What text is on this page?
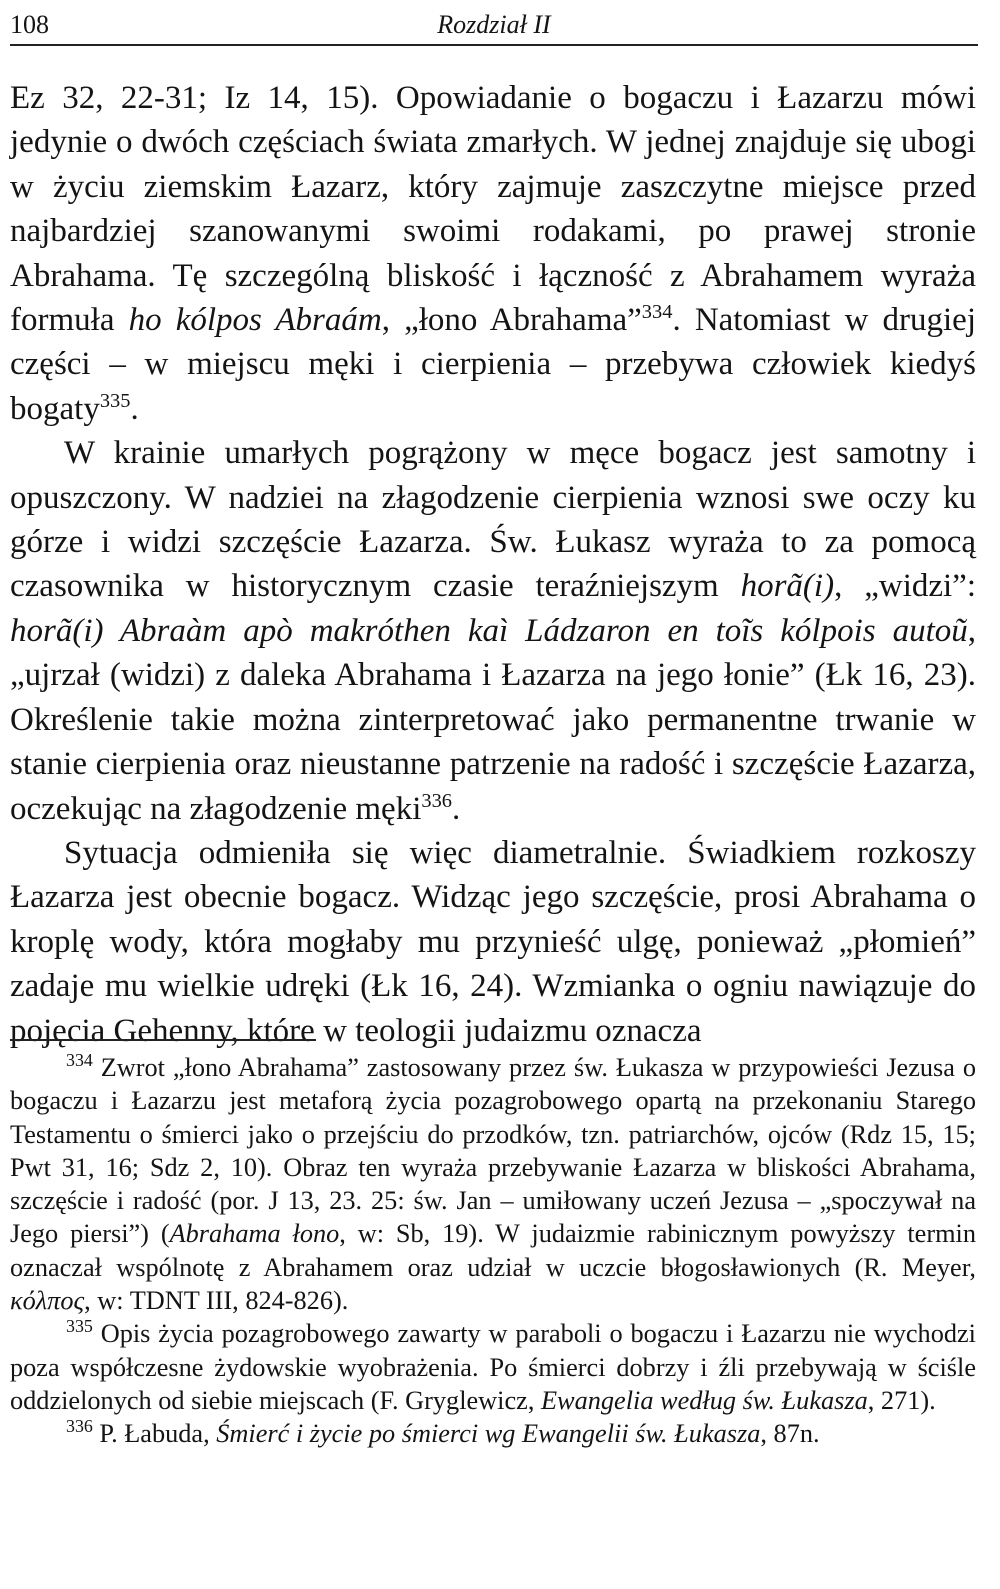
108	Rozdział II

Ez 32, 22-31; Iz 14, 15). Opowiadanie o bogaczu i Łazarzu mówi jedynie o dwóch częściach świata zmarłych. W jednej znajduje się ubogi w życiu ziemskim Łazarz, który zajmuje zaszczytne miejsce przed najbardziej szanowanymi swoimi rodakami, po prawej stronie Abrahama. Tę szczególną bliskość i łączność z Abrahamem wyraża formuła ho kólpos Abraám, „łono Abrahama”$^{334}$. Natomiast w drugiej części – w miejscu męki i cierpienia – przebywa człowiek kiedyś bogaty$^{335}$.

W krainie umarłych pogrążony w męce bogacz jest samotny i opuszczony. W nadziei na złagodzenie cierpienia wznosi swe oczy ku górze i widzi szczęście Łazarza. Św. Łukasz wyraża to za pomocą czasownika w historycznym czasie teraźniejszym horã(i), „widzi”: horã(i) Abraàm apò makróthen kaì Ládzaron en toĩs kólpois autoũ, „ujrzał (widzi) z daleka Abrahama i Łazarza na jego łonie” (Łk 16, 23). Określenie takie można zinterpretować jako permanentne trwanie w stanie cierpienia oraz nieustanne patrzenie na radość i szczęście Łazarza, oczekując na złagodzenie męki$^{336}$.

Sytuacja odmieniła się więc diametralnie. Świadkiem rozkoszy Łazarza jest obecnie bogacz. Widząc jego szczęście, prosi Abrahama o kroplę wody, która mogłaby mu przynieść ulgę, ponieważ „płomień” zadaje mu wielkie udręki (Łk 16, 24). Wzmianka o ogniu nawiązuje do pojęcia Gehenny, które w teologii judaizmu oznacza

$^{334}$ Zwrot „łono Abrahama” zastosowany przez św. Łukasza w przypowieści Jezusa o bogaczu i Łazarzu jest metaforą życia pozagrobowego opartą na przekonaniu Starego Testamentu o śmierci jako o przejściu do przodków, tzn. patriarchów, ojców (Rdz 15, 15; Pwt 31, 16; Sdz 2, 10). Obraz ten wyraża przebywanie Łazarza w bliskości Abrahama, szczęście i radość (por. J 13, 23. 25: św. Jan – umiłowany uczeń Jezusa – „spoczywał na Jego piersi”) (Abrahama łono, w: Sb, 19). W judaizmie rabinicznym powyższy termin oznaczał wspólnotę z Abrahamem oraz udział w uczcie błogosławionych (R. Meyer, κόλπος, w: TDNT III, 824-826).

$^{335}$ Opis życia pozagrobowego zawarty w paraboli o bogaczu i Łazarzu nie wychodzi poza współczesne żydowskie wyobrażenia. Po śmierci dobrzy i źli przebywają w ściśle oddzielonych od siebie miejscach (F. Gryglewicz, Ewangelia według św. Łukasza, 271).

$^{336}$ P. Łabuda, Śmierć i życie po śmierci wg Ewangelii św. Łukasza, 87n.
